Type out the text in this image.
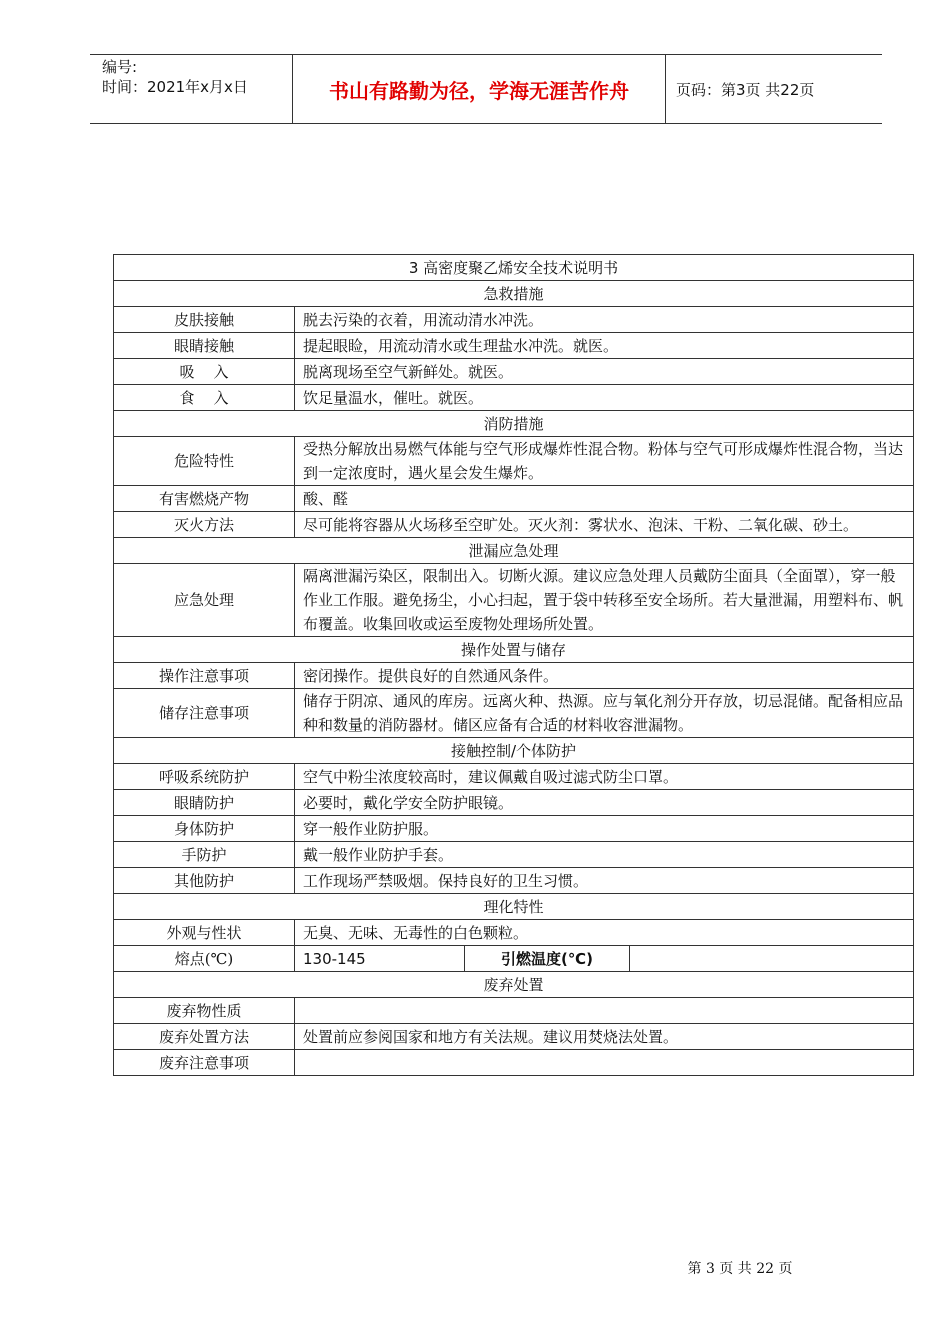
编号:
时间：2021年x月x日	书山有路勤为径，学海无涯苦作舟	页码：第3页 共22页
3 高密度聚乙烯安全技术说明书			
急救措施			
皮肤接触	脱去污染的衣着，用流动清水冲洗。		
眼睛接触	提起眼睑，用流动清水或生理盐水冲洗。就医。		
吸    入	脱离现场至空气新鲜处。就医。		
食    入	饮足量温水，催吐。就医。		
消防措施			
危险特性	受热分解放出易燃气体能与空气形成爆炸性混合物。粉体与空气可形成爆炸性混合物，当达到一定浓度时，遇火星会发生爆炸。		
有害燃烧产物	酸、醛		
灭火方法	尽可能将容器从火场移至空旷处。灭火剂：雾状水、泡沫、干粉、二氧化碳、砂土。		
泄漏应急处理			
应急处理	隔离泄漏污染区，限制出入。切断火源。建议应急处理人员戴防尘面具（全面罩），穿一般作业工作服。避免扬尘，小心扫起，置于袋中转移至安全场所。若大量泄漏，用塑料布、帆布覆盖。收集回收或运至废物处理场所处置。		
操作处置与储存			
操作注意事项	密闭操作。提供良好的自然通风条件。		
储存注意事项	储存于阴凉、通风的库房。远离火种、热源。应与氧化剂分开存放，切忌混储。配备相应品种和数量的消防器材。储区应备有合适的材料收容泄漏物。		
接触控制/个体防护			
呼吸系统防护	空气中粉尘浓度较高时，建议佩戴自吸过滤式防尘口罩。		
眼睛防护	必要时，戴化学安全防护眼镜。		
身体防护	穿一般作业防护服。		
手防护	戴一般作业防护手套。		
其他防护	工作现场严禁吸烟。保持良好的卫生习惯。		
理化特性			
外观与性状	无臭、无味、无毒性的白色颗粒。		
熔点(℃)	130-145	引燃温度(℃)	
废弃处置			
废弃物性质			
废弃处置方法	处置前应参阅国家和地方有关法规。建议用焚烧法处置。		
废弃注意事项			
第 3 页 共 22 页
